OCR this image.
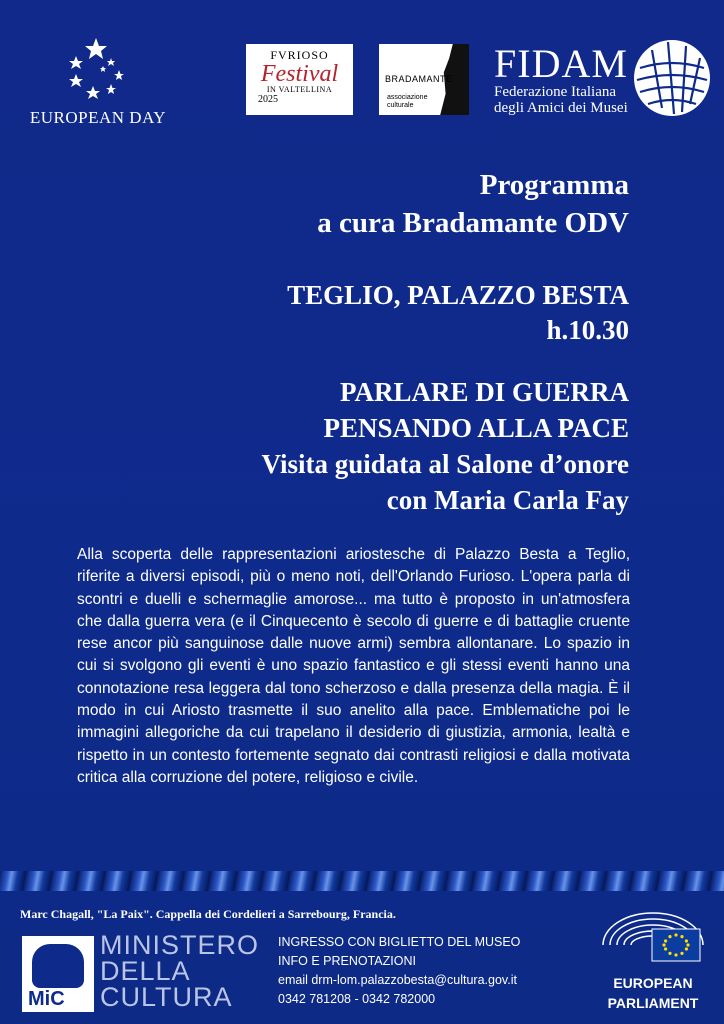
EUROPEAN DAY
FVRIOSO
Festival
IN VALTELLINA
2025
BRADAMANTE
associazione
culturale
FIDAM
Federazione Italiana
degli Amici dei Musei
Programma
a cura Bradamante ODV
TEGLIO, PALAZZO BESTA
h.10.30
PARLARE DI GUERRA
PENSANDO ALLA PACE
Visita guidata al Salone d’onore
con Maria Carla Fay
Alla scoperta delle rappresentazioni ariostesche di Palazzo Besta a Teglio, riferite a diversi episodi, più o meno noti, dell'Orlando Furioso. L'opera parla di scontri e duelli e schermaglie amorose... ma tutto è proposto in un'atmosfera che dalla guerra vera (e il Cinquecento è secolo di guerre e di battaglie cruente rese ancor più sanguinose dalle nuove armi) sembra allontanare. Lo spazio in cui si svolgono gli eventi è uno spazio fantastico e gli stessi eventi hanno una connotazione resa leggera dal tono scherzoso e dalla presenza della magia. È il modo in cui Ariosto trasmette il suo anelito alla pace. Emblematiche poi le immagini allegoriche da cui trapelano il desiderio di giustizia, armonia, lealtà e rispetto in un contesto fortemente segnato dai contrasti religiosi e dalla motivata critica alla corruzione del potere, religioso e civile.
Marc Chagall, "La Paix". Cappella dei Cordelieri a Sarrebourg, Francia.
MiC
MINISTERO
DELLA
CULTURA
INGRESSO CON BIGLIETTO DEL MUSEO
INFO E PRENOTAZIONI
email drm-lom.palazzobesta@cultura.gov.it
0342 781208 - 0342 782000
EUROPEAN
PARLIAMENT
